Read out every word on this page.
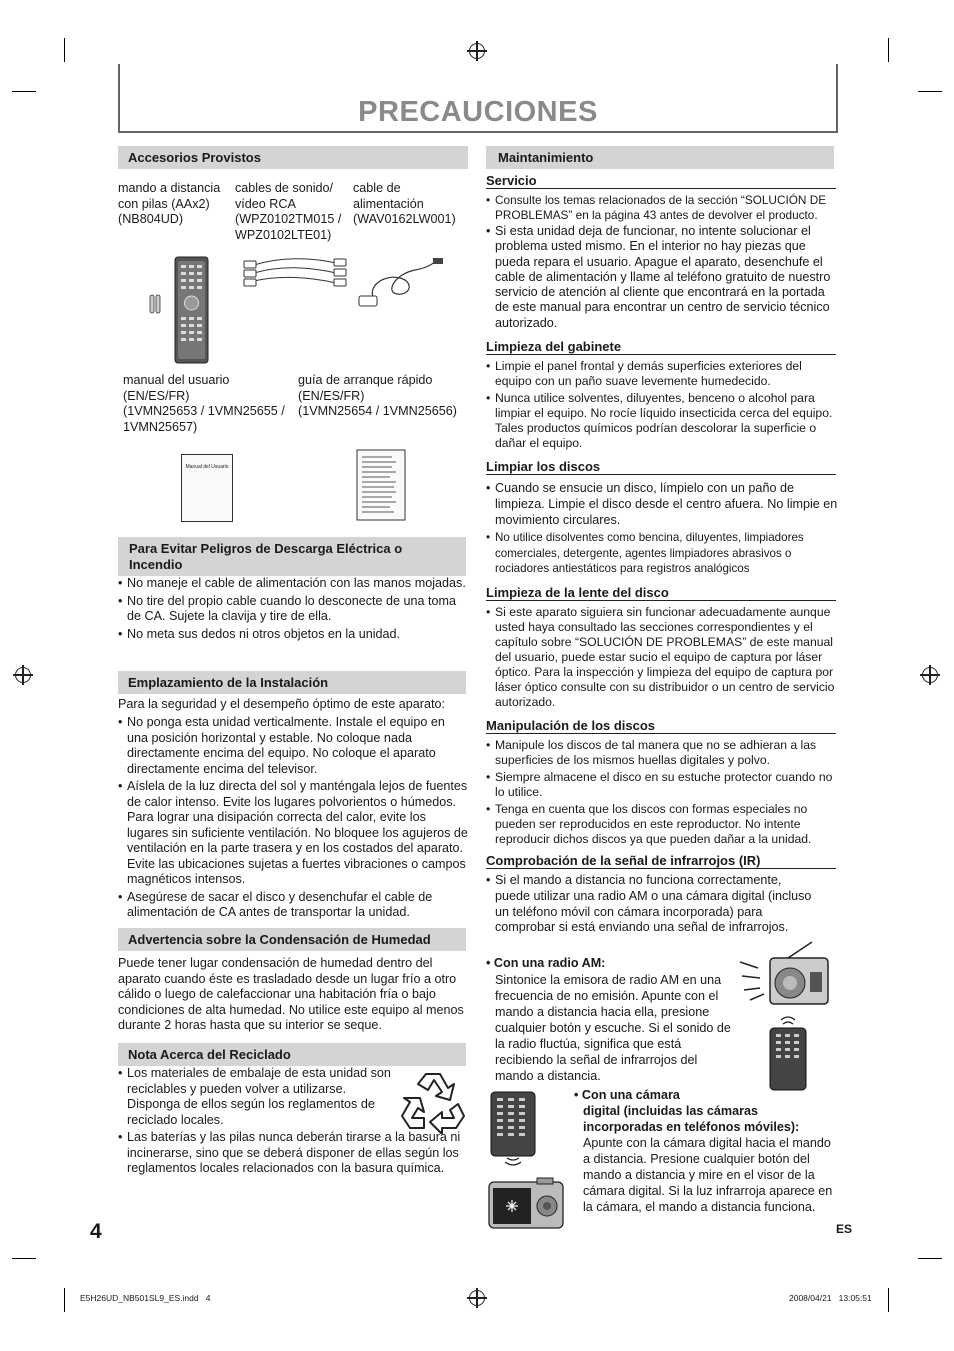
PRECAUCIONES
Accesorios Provistos
mando a distancia con pilas (AAx2) (NB804UD)
cables de sonido/ vídeo RCA
(WPZ0102TM015 / WPZ0102LTE01)
cable de alimentación
(WAV0162LW001)
manual del usuario (EN/ES/FR)
(1VMN25653 / 1VMN25655 / 1VMN25657)
guía de arranque rápido (EN/ES/FR)
(1VMN25654 / 1VMN25656)
Manual del Usuario
Para Evitar Peligros de Descarga Eléctrica o Incendio
• No maneje el cable de alimentación con las manos mojadas.
• No tire del propio cable cuando lo desconecte de una toma de CA. Sujete la clavija y tire de ella.
• No meta sus dedos ni otros objetos en la unidad.
Emplazamiento de la Instalación
Para la seguridad y el desempeño óptimo de este aparato:
• No ponga esta unidad verticalmente. Instale el equipo en una posición horizontal y estable. No coloque nada directamente encima del equipo. No coloque el aparato directamente encima del televisor.
• Aíslela de la luz directa del sol y manténgala lejos de fuentes de calor intenso. Evite los lugares polvorientos o húmedos. Para lograr una disipación correcta del calor, evite los lugares sin suficiente ventilación. No bloquee los agujeros de ventilación en la parte trasera y en los costados del aparato. Evite las ubicaciones sujetas a fuertes vibraciones o campos magnéticos intensos.
• Asegúrese de sacar el disco y desenchufar el cable de alimentación de CA antes de transportar la unidad.
Advertencia sobre la Condensación de Humedad
Puede tener lugar condensación de humedad dentro del aparato cuando éste es trasladado desde un lugar frío a otro cálido o luego de calefaccionar una habitación fría o bajo condiciones de alta humedad. No utilice este equipo al menos durante 2 horas hasta que su interior se seque.
Nota Acerca del Reciclado
• Los materiales de embalaje de esta unidad son reciclables y pueden volver a utilizarse. Disponga de ellos según los reglamentos de reciclado locales.
• Las baterías y las pilas nunca deberán tirarse a la basura ni incinerarse, sino que se deberá disponer de ellas según los reglamentos locales relacionados con la basura química.
4
Maintanimiento
Servicio
• Consulte los temas relacionados de la sección “SOLUCIÓN DE PROBLEMAS” en la página 43 antes de devolver el producto.
• Si esta unidad deja de funcionar, no intente solucionar el problema usted mismo. En el interior no hay piezas que pueda repara el usuario. Apague el aparato, desenchufe el cable de alimentación y llame al teléfono gratuito de nuestro servicio de atención al cliente que encontrará en la portada de este manual para encontrar un centro de servicio técnico autorizado.
Limpieza del gabinete
• Limpie el panel frontal y demás superficies exteriores del equipo con un paño suave levemente humedecido.
• Nunca utilice solventes, diluyentes, benceno o alcohol para limpiar el equipo. No rocíe líquido insecticida cerca del equipo. Tales productos químicos podrían descolorar la superficie o dañar el equipo.
Limpiar los discos
• Cuando se ensucie un disco, límpielo con un paño de limpieza. Limpie el disco desde el centro afuera. No limpie en movimiento circulares.
• No utilice disolventes como bencina, diluyentes, limpiadores comerciales, detergente, agentes limpiadores abrasivos o rociadores antiestáticos para registros analógicos
Limpieza de la lente del disco
• Si este aparato siguiera sin funcionar adecuadamente aunque usted haya consultado las secciones correspondientes y el capítulo sobre “SOLUCIÓN DE PROBLEMAS” de este manual del usuario, puede estar sucio el equipo de captura por láser óptico. Para la inspección y limpieza del equipo de captura por láser óptico consulte con su distribuidor o un centro de servicio autorizado.
Manipulación de los discos
• Manipule los discos de tal manera que no se adhieran a las superficies de los mismos huellas digitales y polvo.
• Siempre almacene el disco en su estuche protector cuando no lo utilice.
• Tenga en cuenta que los discos con formas especiales no pueden ser reproducidos en este reproductor. No intente reproducir dichos discos ya que pueden dañar a la unidad.
Comprobación de la señal de infrarrojos (IR)
• Si el mando a distancia no funciona correctamente, puede utilizar una radio AM o una cámara digital (incluso un teléfono móvil con cámara incorporada) para comprobar si está enviando una señal de infrarrojos.
• Con una radio AM:
Sintonice la emisora de radio AM en una frecuencia de no emisión. Apunte con el mando a distancia hacia ella, presione cualquier botón y escuche. Si el sonido de la radio fluctúa, significa que está recibiendo la señal de infrarrojos del mando a distancia.
• Con una cámara
digital (incluidas las cámaras incorporadas en teléfonos móviles):
Apunte con la cámara digital hacia el mando a distancia. Presione cualquier botón del mando a distancia y mire en el visor de la cámara digital. Si la luz infrarroja aparece en la cámara, el mando a distancia funciona.
ES
E5H26UD_NB501SL9_ES.indd   4	2008/04/21   13:05:51
